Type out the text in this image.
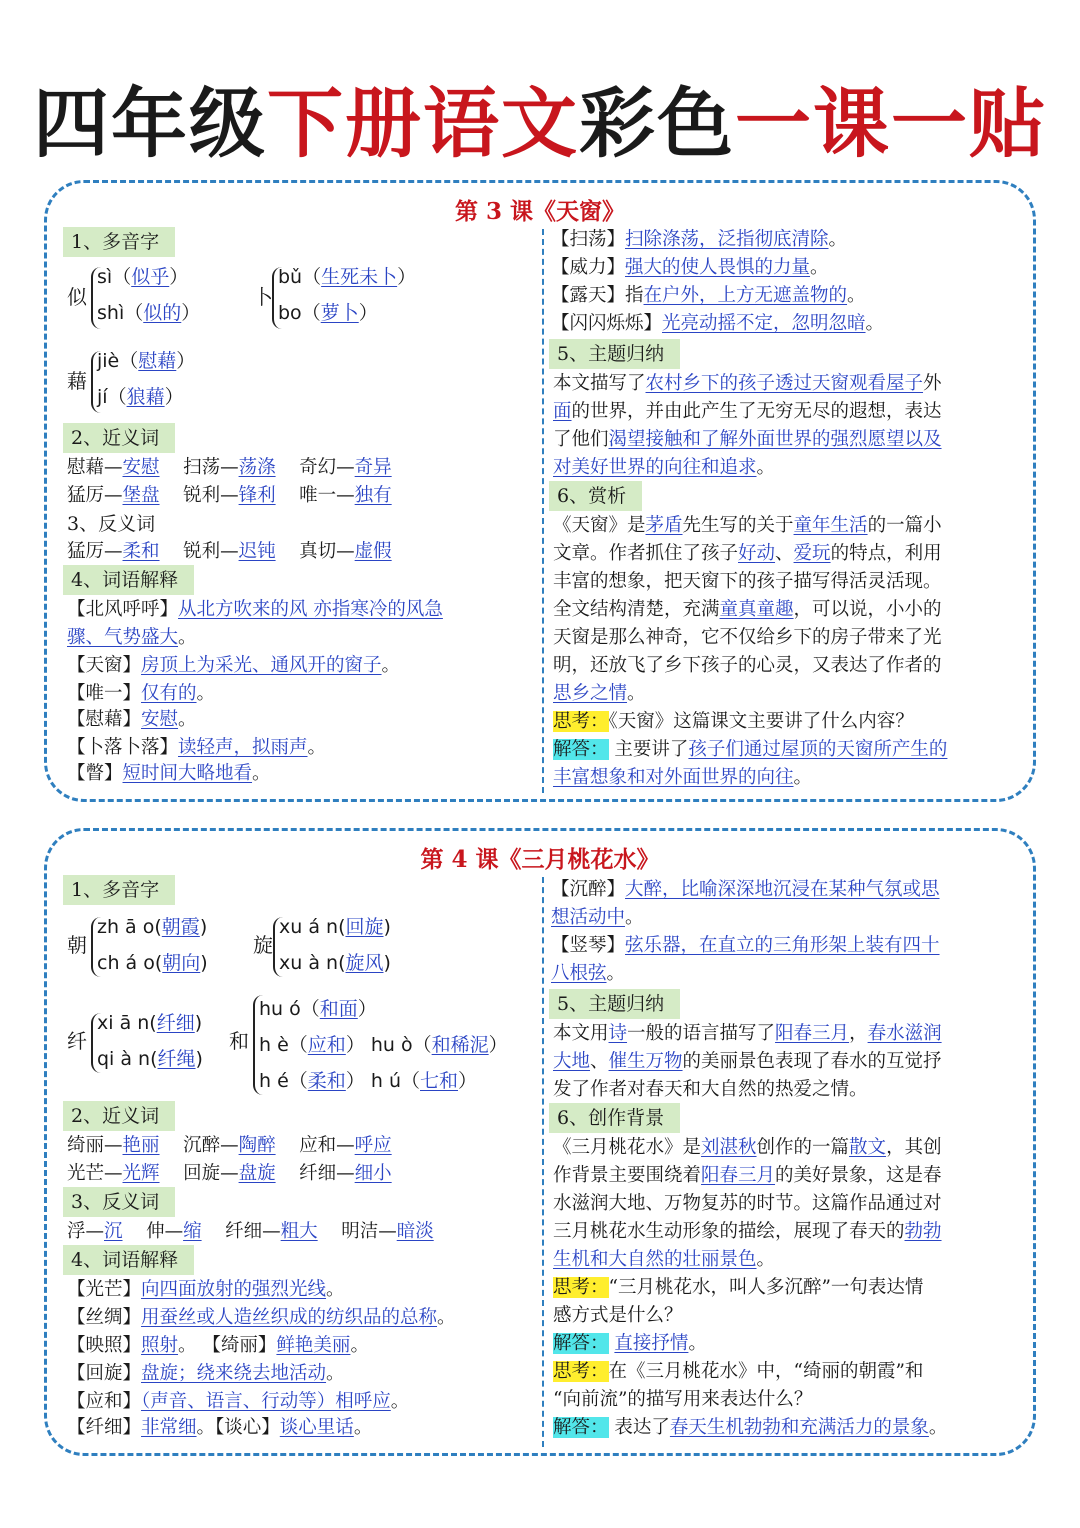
四年级下册语文彩色一课一贴
第 3 课《天窗》
1、多音字
似
sì（似乎）
shì（似的）
卜
bǔ（生死未卜）
bo（萝卜）
藉
jiè（慰藉）
jí（狼藉）
2、近义词
慰藉—安慰 扫荡—荡涤 奇幻—奇异
猛厉—堡盘 锐利—锋利 唯一—独有
3、反义词
猛厉—柔和 锐利—迟钝 真切—虚假
4、词语解释
【北风呼呼】从北方吹来的风 亦指寒冷的风急
骤、气势盛大。
【天窗】房顶上为采光、通风开的窗子。
【唯一】仅有的。
【慰藉】安慰。
【卜落卜落】读轻声，拟雨声。
【瞥】短时间大略地看。
【扫荡】扫除涤荡，泛指彻底清除。
【威力】强大的使人畏惧的力量。
【露天】指在户外，上方无遮盖物的。
【闪闪烁烁】光亮动摇不定，忽明忽暗。
5、主题归纳
本文描写了农村乡下的孩子透过天窗观看屋子外
面的世界，并由此产生了无穷无尽的遐想，表达
了他们渴望接触和了解外面世界的强烈愿望以及
对美好世界的向往和追求。
6、赏析
《天窗》是茅盾先生写的关于童年生活的一篇小
文章。作者抓住了孩子好动、爱玩的特点，利用
丰富的想象，把天窗下的孩子描写得活灵活现。
全文结构清楚，充满童真童趣，可以说，小小的
天窗是那么神奇，它不仅给乡下的房子带来了光
明，还放飞了乡下孩子的心灵，又表达了作者的
思乡之情。
思考：《天窗》这篇课文主要讲了什么内容？
解答： 主要讲了孩子们通过屋顶的天窗所产生的
丰富想象和对外面世界的向往。
第 4 课《三月桃花水》
1、多音字
朝
zh ā o(朝霞)
ch á o(朝向)
旋
xu á n(回旋)
xu à n(旋风)
纤
xi ā n(纤细)
qi à n(纤绳)
和
hu ó（和面）
h è（应和） hu ò（和稀泥）
h é（柔和） h ú（七和）
2、近义词
绮丽—艳丽 沉醉—陶醉 应和—呼应
光芒—光辉 回旋—盘旋 纤细—细小
3、反义词
浮—沉 伸—缩 纤细—粗大 明洁—暗淡
4、词语解释
【光芒】向四面放射的强烈光线。
【丝绸】用蚕丝或人造丝织成的纺织品的总称。
【映照】照射。 【绮丽】鲜艳美丽。
【回旋】盘旋；绕来绕去地活动。
【应和】（声音、语言、行动等）相呼应。
【纤细】非常细。【谈心】谈心里话。
【沉醉】大醉，比喻深深地沉浸在某种气氛或思
想活动中。
【竖琴】弦乐器，在直立的三角形架上装有四十
八根弦。
5、主题归纳
本文用诗一般的语言描写了阳春三月，春水滋润
大地、催生万物的美丽景色表现了春水的互觉抒
发了作者对春天和大自然的热爱之情。
6、创作背景
《三月桃花水》是刘湛秋创作的一篇散文，其创
作背景主要围绕着阳春三月的美好景象，这是春
水滋润大地、万物复苏的时节。这篇作品通过对
三月桃花水生动形象的描绘，展现了春天的勃勃
生机和大自然的壮丽景色。
思考：“三月桃花水，叫人多沉醉”一句表达情
感方式是什么？
解答： 直接抒情。
思考：在《三月桃花水》中，“绮丽的朝霞”和
“向前流”的描写用来表达什么？
解答： 表达了春天生机勃勃和充满活力的景象。
